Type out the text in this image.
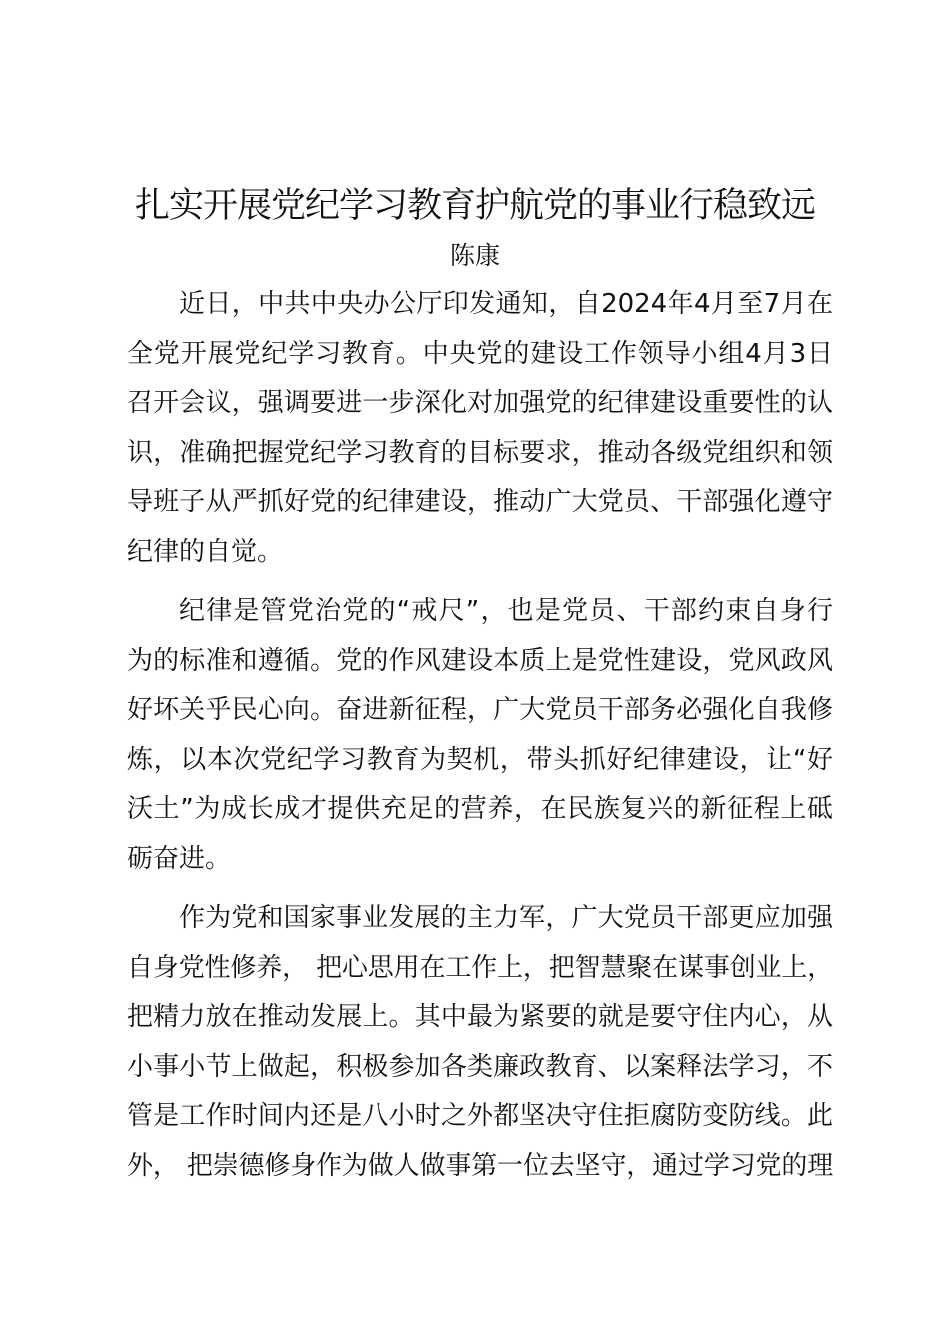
扎实开展党纪学习教育护航党的事业行稳致远
陈康

近日，中共中央办公厅印发通知，自2024年4月至7月在
全党开展党纪学习教育。中央党的建设工作领导小组4月3日
召开会议，强调要进一步深化对加强党的纪律建设重要性的认
识，准确把握党纪学习教育的目标要求，推动各级党组织和领
导班子从严抓好党的纪律建设，推动广大党员、干部强化遵守
纪律的自觉。

纪律是管党治党的“戒尺”，也是党员、干部约束自身行
为的标准和遵循。党的作风建设本质上是党性建设，党风政风
好坏关乎民心向。奋进新征程，广大党员干部务必强化自我修
炼，以本次党纪学习教育为契机，带头抓好纪律建设，让“好
沃土”为成长成才提供充足的营养，在民族复兴的新征程上砥
砺奋进。

作为党和国家事业发展的主力军，广大党员干部更应加强
自身党性修养， 把心思用在工作上，把智慧聚在谋事创业上，
把精力放在推动发展上。其中最为紧要的就是要守住内心，从
小事小节上做起，积极参加各类廉政教育、以案释法学习，不
管是工作时间内还是八小时之外都坚决守住拒腐防变防线。此
外， 把崇德修身作为做人做事第一位去坚守，通过学习党的理
